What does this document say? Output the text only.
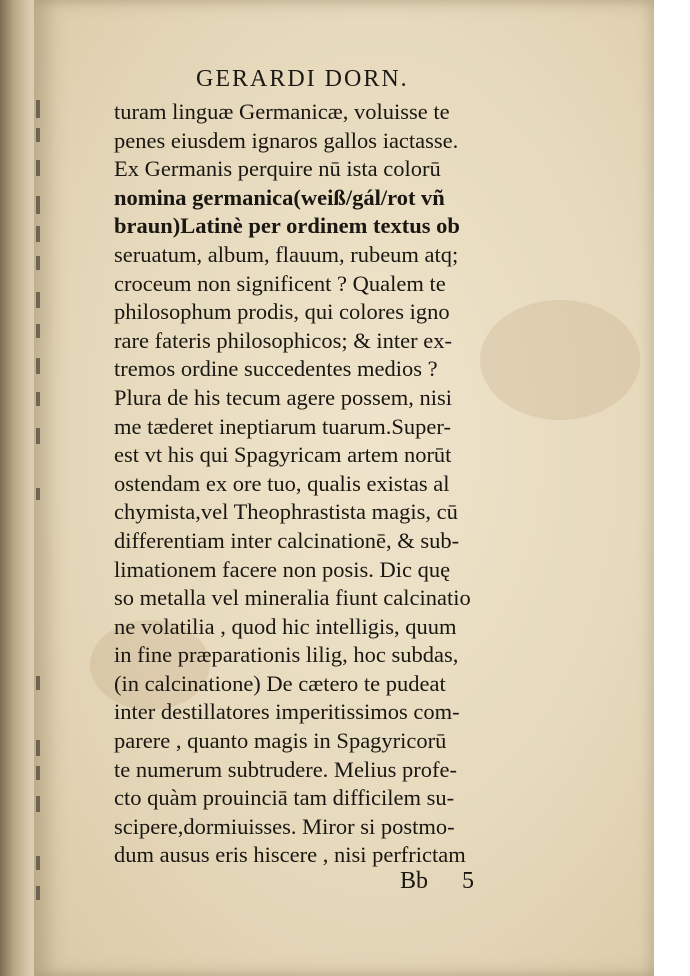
GERARDI DORN.
turam linguæ Germanicæ, voluisse te
penes eiusdem ignaros gallos iactasse.
Ex Germanis perquire nū ista colorū
nomina germanica(weiß/gál/rot vñ
braun)Latinè per ordinem textus ob
seruatum, album, flauum, rubeum atq;
croceum non significent ? Qualem te
philosophum prodis, qui colores igno
rare fateris philosophicos; & inter ex-
tremos ordine succedentes medios ?
Plura de his tecum agere possem, nisi
me tæderet ineptiarum tuarum.Super-
est vt his qui Spagyricam artem norūt
ostendam ex ore tuo, qualis existas al
chymista,vel Theophrastista magis, cū
differentiam inter calcinationē, & sub-
limationem facere non posis. Dic quę
so metalla vel mineralia fiunt calcinatio
ne volatilia , quod hic intelligis, quum
in fine præparationis lilig, hoc subdas,
(in calcinatione) De cætero te pudeat
inter destillatores imperitissimos com-
parere , quanto magis in Spagyricorū
te numerum subtrudere. Melius profe-
cto quàm prouinciā tam difficilem su-
scipere,dormiuisses. Miror si postmo-
dum ausus eris hiscere , nisi perfrictam
Bb 5
